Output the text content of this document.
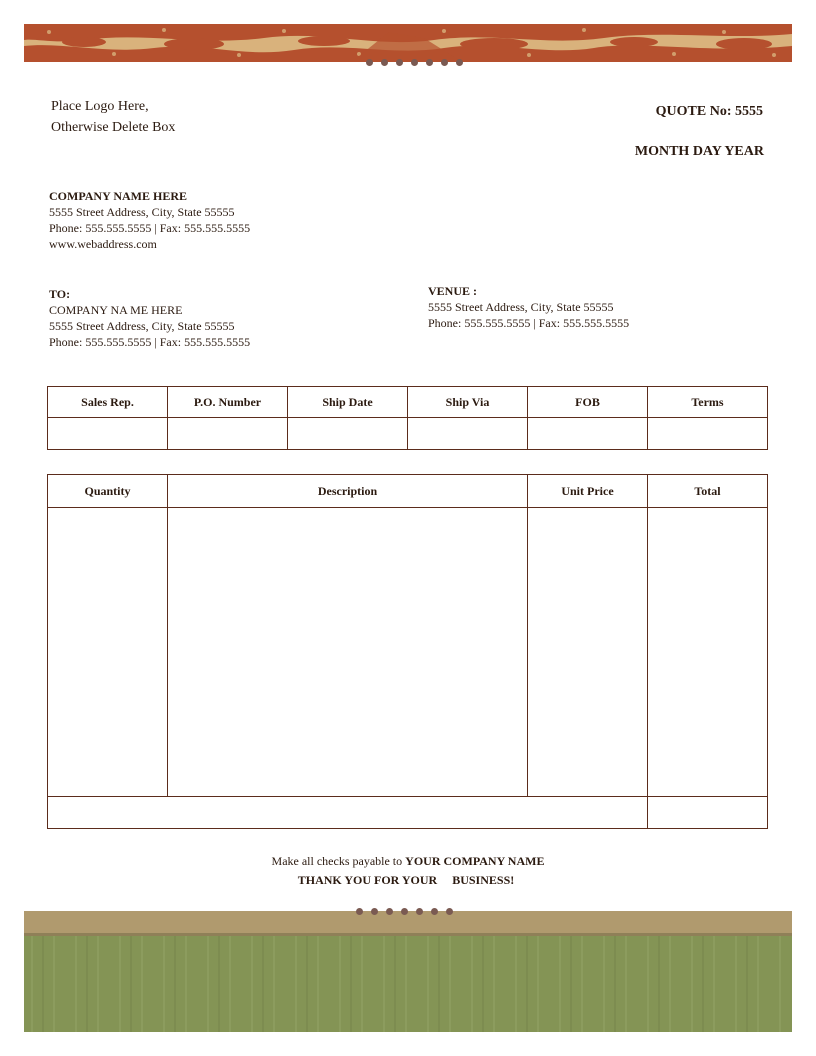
Place Logo Here,
Otherwise Delete Box
QUOTE No: 5555
MONTH DAY YEAR
COMPANY NAME HERE
5555 Street Address, City, State 55555
Phone: 555.555.5555 | Fax: 555.555.5555
www.webaddress.com
TO:
COMPANY NA ME HERE
5555 Street Address, City, State 55555
Phone: 555.555.5555 | Fax: 555.555.5555
VENUE :
5555 Street Address, City, State 55555
Phone: 555.555.5555 | Fax: 555.555.5555
Sales Rep.	P.O. Number	Ship Date	Ship Via	FOB	Terms

Quantity	Description	Unit Price	Total

Make all checks payable to YOUR COMPANY NAME
THANK YOU FOR YOUR     BUSINESS!
